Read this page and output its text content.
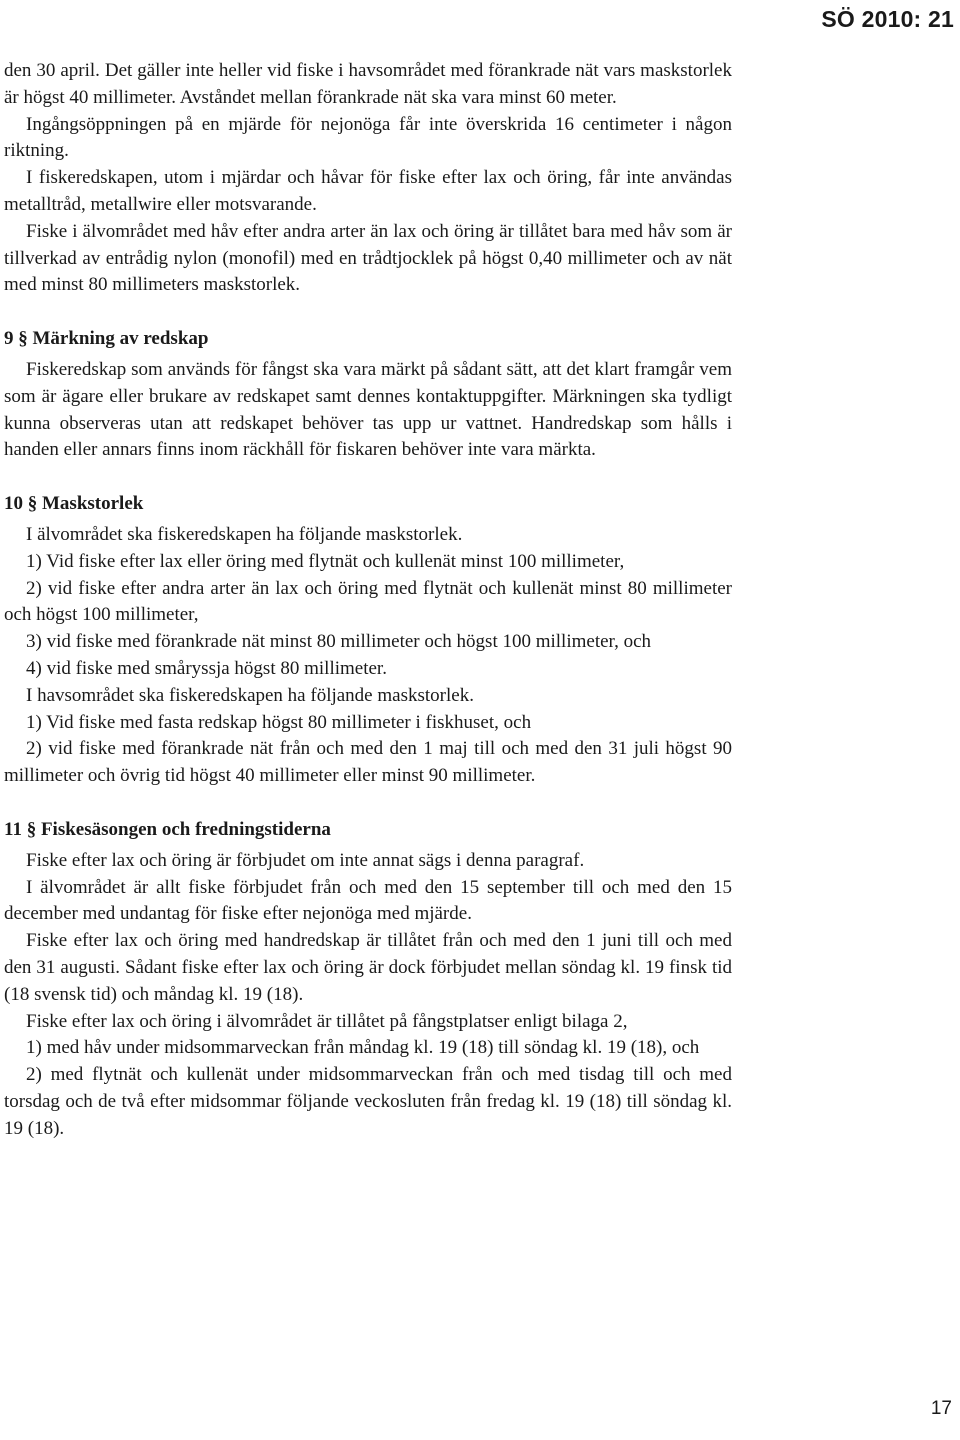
SÖ 2010: 21

den 30 april. Det gäller inte heller vid fiske i havsområdet med förankrade nät vars maskstorlek är högst 40 millimeter. Avståndet mellan förankrade nät ska vara minst 60 meter.

Ingångsöppningen på en mjärde för nejonöga får inte överskrida 16 centimeter i någon riktning.

I fiskeredskapen, utom i mjärdar och håvar för fiske efter lax och öring, får inte användas metalltråd, metallwire eller motsvarande.

Fiske i älvområdet med håv efter andra arter än lax och öring är tillåtet bara med håv som är tillverkad av entrådig nylon (monofil) med en trådtjocklek på högst 0,40 millimeter och av nät med minst 80 millimeters maskstorlek.

9 § Märkning av redskap

Fiskeredskap som används för fångst ska vara märkt på sådant sätt, att det klart framgår vem som är ägare eller brukare av redskapet samt dennes kontaktuppgifter. Märkningen ska tydligt kunna observeras utan att redskapet behöver tas upp ur vattnet. Handredskap som hålls i handen eller annars finns inom räckhåll för fiskaren behöver inte vara märkta.

10 § Maskstorlek

I älvområdet ska fiskeredskapen ha följande maskstorlek.

1) Vid fiske efter lax eller öring med flytnät och kullenät minst 100 millimeter,

2) vid fiske efter andra arter än lax och öring med flytnät och kullenät minst 80 millimeter och högst 100 millimeter,

3) vid fiske med förankrade nät minst 80 millimeter och högst 100 millimeter, och

4) vid fiske med småryssja högst 80 millimeter.

I havsområdet ska fiskeredskapen ha följande maskstorlek.

1) Vid fiske med fasta redskap högst 80 millimeter i fiskhuset, och

2) vid fiske med förankrade nät från och med den 1 maj till och med den 31 juli högst 90 millimeter och övrig tid högst 40 millimeter eller minst 90 millimeter.

11 § Fiskesäsongen och fredningstiderna

Fiske efter lax och öring är förbjudet om inte annat sägs i denna paragraf.

I älvområdet är allt fiske förbjudet från och med den 15 september till och med den 15 december med undantag för fiske efter nejonöga med mjärde.

Fiske efter lax och öring med handredskap är tillåtet från och med den 1 juni till och med den 31 augusti. Sådant fiske efter lax och öring är dock förbjudet mellan söndag kl. 19 finsk tid (18 svensk tid) och måndag kl. 19 (18).

Fiske efter lax och öring i älvområdet är tillåtet på fångstplatser enligt bilaga 2,

1) med håv under midsommarveckan från måndag kl. 19 (18) till söndag kl. 19 (18), och

2) med flytnät och kullenät under midsommarveckan från och med tisdag till och med torsdag och de två efter midsommar följande veckosluten från fredag kl. 19 (18) till söndag kl. 19 (18).

17
